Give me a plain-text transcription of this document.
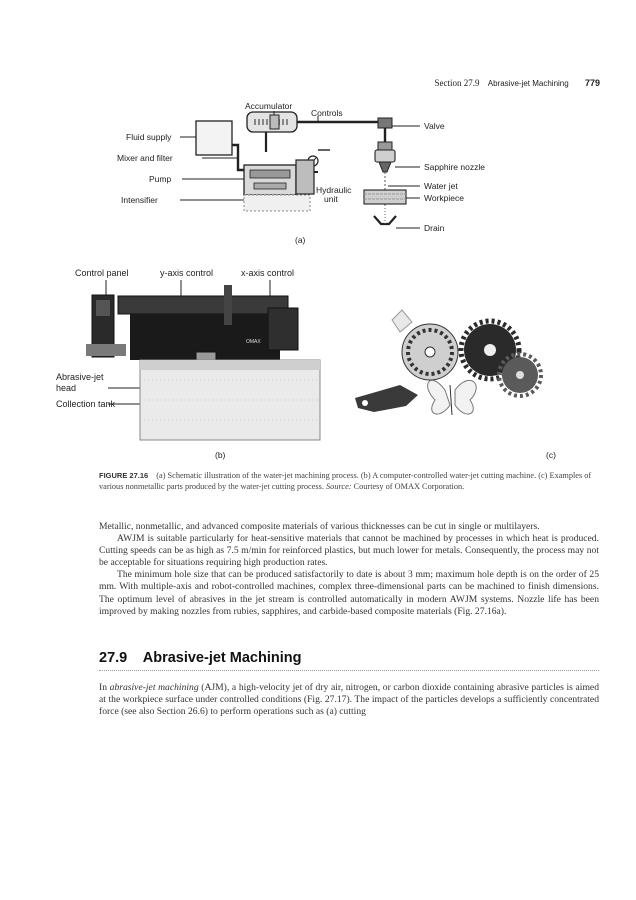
Section 27.9 Abrasive-jet Machining 779
Accumulator
Controls
Valve
Fluid supply
Mixer and filter
Sapphire nozzle
Pump
Hydraulic
unit
Water jet
Intensifier	Workpiece
Drain
(a)
Control panel	y-axis control	x-axis control
OMAX
Abrasive-jet
head
Collection tank
(b)	(c)
FIGURE 27.16 (a) Schematic illustration of the water-jet machining process. (b) A computer-controlled water-jet cutting machine. (c) Examples of various nonmetallic parts produced by the water-jet cutting process. Source: Courtesy of OMAX Corporation.

Metallic, nonmetallic, and advanced composite materials of various thicknesses can be cut in single or multilayers.

AWJM is suitable particularly for heat-sensitive materials that cannot be machined by processes in which heat is produced. Cutting speeds can be as high as 7.5 m/min for reinforced plastics, but much lower for metals. Consequently, the process may not be acceptable for situations requiring high production rates.

The minimum hole size that can be produced satisfactorily to date is about 3 mm; maximum hole depth is on the order of 25 mm. With multiple-axis and robot-controlled machines, complex three-dimensional parts can be machined to finish dimensions. The optimum level of abrasives in the jet stream is controlled automatically in modern AWJM systems. Nozzle life has been improved by making nozzles from rubies, sapphires, and carbide-based composite materials (Fig. 27.16a).

27.9 Abrasive-jet Machining

In abrasive-jet machining (AJM), a high-velocity jet of dry air, nitrogen, or carbon dioxide containing abrasive particles is aimed at the workpiece surface under controlled conditions (Fig. 27.17). The impact of the particles develops a sufficiently concentrated force (see also Section 26.6) to perform operations such as (a) cutting
